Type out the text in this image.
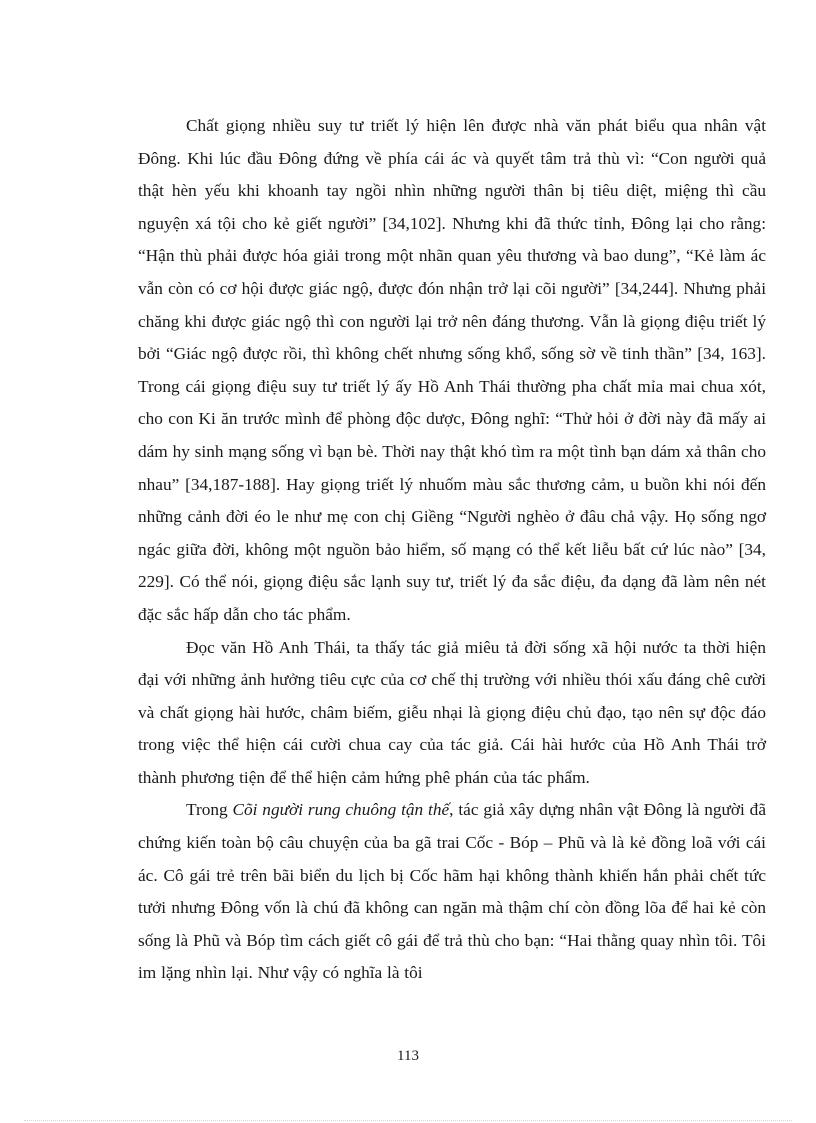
Chất giọng nhiều suy tư triết lý hiện lên được nhà văn phát biểu qua nhân vật Đông. Khi lúc đầu Đông đứng về phía cái ác và quyết tâm trả thù vì: “Con người quả thật hèn yếu khi khoanh tay ngồi nhìn những người thân bị tiêu diệt, miệng thì cầu nguyện xá tội cho kẻ giết người” [34,102]. Nhưng khi đã thức tỉnh, Đông lại cho rằng: “Hận thù phải được hóa giải trong một nhãn quan yêu thương và bao dung”, “Kẻ làm ác vẫn còn có cơ hội được giác ngộ, được đón nhận trở lại cõi người” [34,244]. Nhưng phải chăng khi được giác ngộ thì con người lại trở nên đáng thương. Vẫn là giọng điệu triết lý bởi “Giác ngộ được rồi, thì không chết nhưng sống khổ, sống sờ về tinh thần” [34, 163]. Trong cái giọng điệu suy tư triết lý ấy Hồ Anh Thái thường pha chất mỉa mai chua xót, cho con Ki ăn trước mình để phòng độc dược, Đông nghĩ: “Thử hỏi ở đời này đã mấy ai dám hy sinh mạng sống vì bạn bè. Thời nay thật khó tìm ra một tình bạn dám xả thân cho nhau” [34,187-188]. Hay giọng triết lý nhuốm màu sắc thương cảm, u buồn khi nói đến những cảnh đời éo le như mẹ con chị Giềng “Người nghèo ở đâu chả vậy. Họ sống ngơ ngác giữa đời, không một nguồn bảo hiểm, số mạng có thể kết liễu bất cứ lúc nào” [34, 229]. Có thể nói, giọng điệu sắc lạnh suy tư, triết lý đa sắc điệu, đa dạng đã làm nên nét đặc sắc hấp dẫn cho tác phẩm.

Đọc văn Hồ Anh Thái, ta thấy tác giả miêu tả đời sống xã hội nước ta thời hiện đại với những ảnh hưởng tiêu cực của cơ chế thị trường với nhiều thói xấu đáng chê cười và chất giọng hài hước, châm biếm, giễu nhại là giọng điệu chủ đạo, tạo nên sự độc đáo trong việc thể hiện cái cười chua cay của tác giả. Cái hài hước của Hồ Anh Thái trở thành phương tiện để thể hiện cảm hứng phê phán của tác phẩm.

Trong Cõi người rung chuông tận thế, tác giả xây dựng nhân vật Đông là người đã chứng kiến toàn bộ câu chuyện của ba gã trai Cốc - Bóp – Phũ và là kẻ đồng loã với cái ác. Cô gái trẻ trên bãi biển du lịch bị Cốc hãm hại không thành khiến hắn phải chết tức tưởi nhưng Đông vốn là chú đã không can ngăn mà thậm chí còn đồng lõa để hai kẻ còn sống là Phũ và Bóp tìm cách giết cô gái để trả thù cho bạn: “Hai thằng quay nhìn tôi. Tôi im lặng nhìn lại. Như vậy có nghĩa là tôi

113
